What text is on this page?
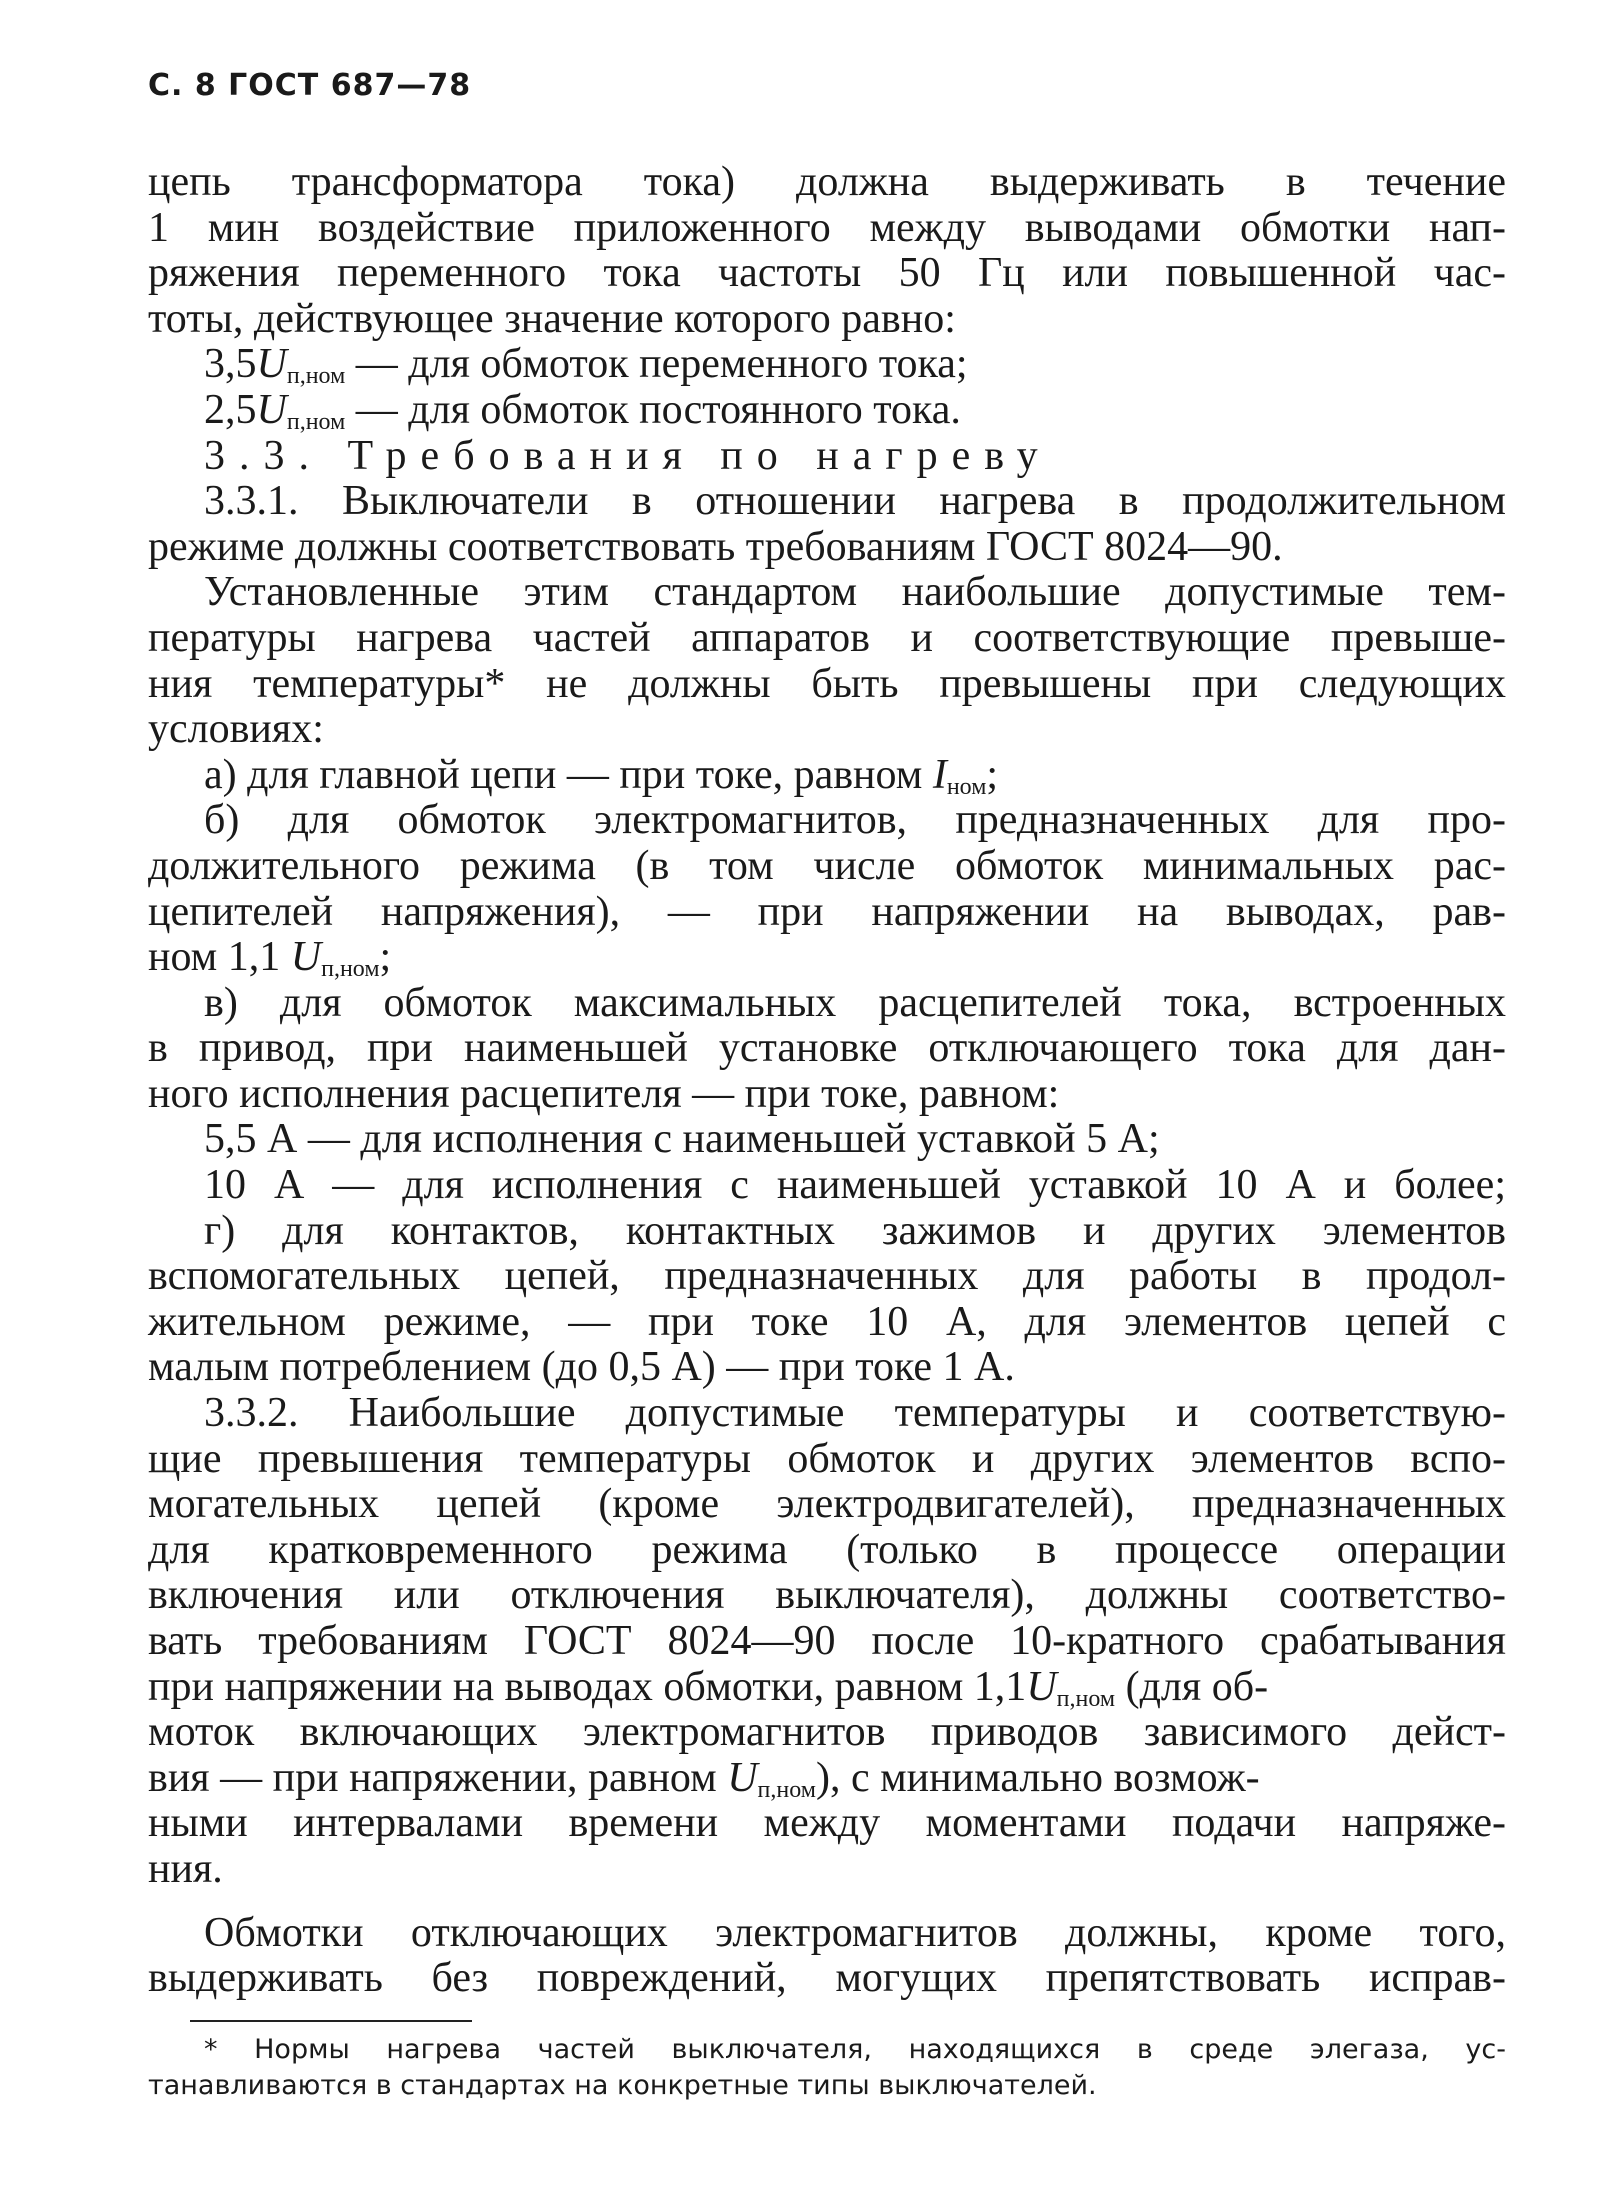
С. 8 ГОСТ 687—78
цепь трансформатора тока) должна выдерживать в течение
1 мин воздействие приложенного между выводами обмотки нап-
ряжения переменного тока частоты 50 Гц или повышенной час-
тоты, действующее значение которого равно:
$3,5U_{п,ном}$ — для обмоток переменного тока;
$2,5U_{п,ном}$ — для обмоток постоянного тока.
3.3. Требования по нагреву
3.3.1. Выключатели в отношении нагрева в продолжительном
режиме должны соответствовать требованиям ГОСТ 8024—90.
Установленные этим стандартом наибольшие допустимые тем-
пературы нагрева частей аппаратов и соответствующие превыше-
ния температуры* не должны быть превышены при следующих
условиях:
а) для главной цепи — при токе, равном $I_{ном}$;
б) для обмоток электромагнитов, предназначенных для про-
должительного режима (в том числе обмоток минимальных рас-
цепителей напряжения), — при напряжении на выводах, рав-
ном 1,1 $U_{п,ном}$;
в) для обмоток максимальных расцепителей тока, встроенных
в привод, при наименьшей установке отключающего тока для дан-
ного исполнения расцепителя — при токе, равном:
5,5 А — для исполнения с наименьшей уставкой 5 А;
10 А — для исполнения с наименьшей уставкой 10 А и более;
г) для контактов, контактных зажимов и других элементов
вспомогательных цепей, предназначенных для работы в продол-
жительном режиме, — при токе 10 А, для элементов цепей с
малым потреблением (до 0,5 А) — при токе 1 А.
3.3.2. Наибольшие допустимые температуры и соответствую-
щие превышения температуры обмоток и других элементов вспо-
могательных цепей (кроме электродвигателей), предназначенных
для кратковременного режима (только в процессе операции
включения или отключения выключателя), должны соответство-
вать требованиям ГОСТ 8024—90 после 10-кратного срабатывания
при напряжении на выводах обмотки, равном $1,1U_{п,ном}$ (для об-
моток включающих электромагнитов приводов зависимого дейст-
вия — при напряжении, равном $U_{п,ном}$), с минимально возмож-
ными интервалами времени между моментами подачи напряже-
ния.
Обмотки отключающих электромагнитов должны, кроме того,
выдерживать без повреждений, могущих препятствовать исправ-
* Нормы нагрева частей выключателя, находящихся в среде элегаза, ус-
танавливаются в стандартах на конкретные типы выключателей.
